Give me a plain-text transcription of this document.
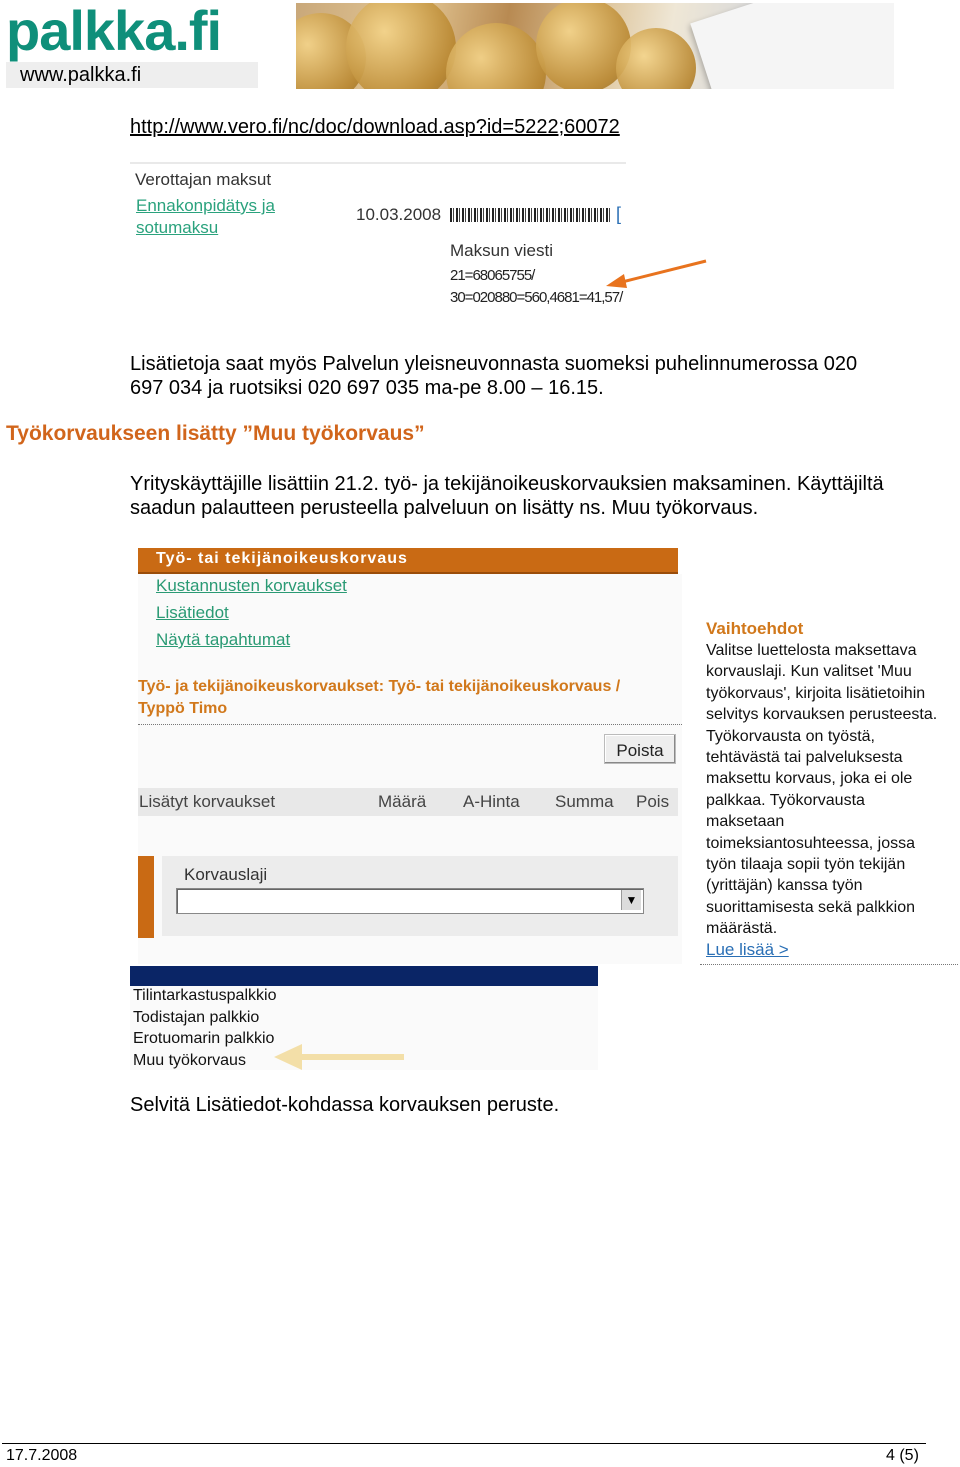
palkka.fi
www.palkka.fi
http://www.vero.fi/nc/doc/download.asp?id=5222;60072
Verottajan maksut
Ennakonpidätys ja
sotumaksu
10.03.2008	[
Maksun viesti
21=68065755/
30=020880=560,4681=41,57/
Lisätietoja saat myös Palvelun yleisneuvonnasta suomeksi puhelinnumerossa 020
697 034 ja ruotsiksi 020 697 035 ma-pe 8.00 – 16.15.
Työkorvaukseen lisätty ”Muu työkorvaus”
Yrityskäyttäjille lisättiin 21.2. työ- ja tekijänoikeuskorvauksien maksaminen. Käyttäjiltä
saadun palautteen perusteella palveluun on lisätty ns. Muu työkorvaus.
Työ- tai tekijänoikeuskorvaus
Kustannusten korvaukset
Lisätiedot
Näytä tapahtumat
Työ- ja tekijänoikeuskorvaukset: Työ- tai tekijänoikeuskorvaus /
Typpö Timo
Poista
Lisätyt korvaukset	Määrä A-Hinta Summa Pois
Korvauslaji
▼
Vaihtoehdot
Valitse luettelosta maksettava
korvauslaji. Kun valitset 'Muu
työkorvaus', kirjoita lisätietoihin
selvitys korvauksen perusteesta.
Työkorvausta on työstä,
tehtävästä tai palveluksesta
maksettu korvaus, joka ei ole
palkkaa. Työkorvausta
maksetaan
toimeksiantosuhteessa, jossa
työn tilaaja sopii työn tekijän
(yrittäjän) kanssa työn
suorittamisesta sekä palkkion
määrästä.
Lue lisää >
Tilintarkastuspalkkio
Todistajan palkkio
Erotuomarin palkkio
Muu työkorvaus
Selvitä Lisätiedot-kohdassa korvauksen peruste.
17.7.2008	4 (5)
